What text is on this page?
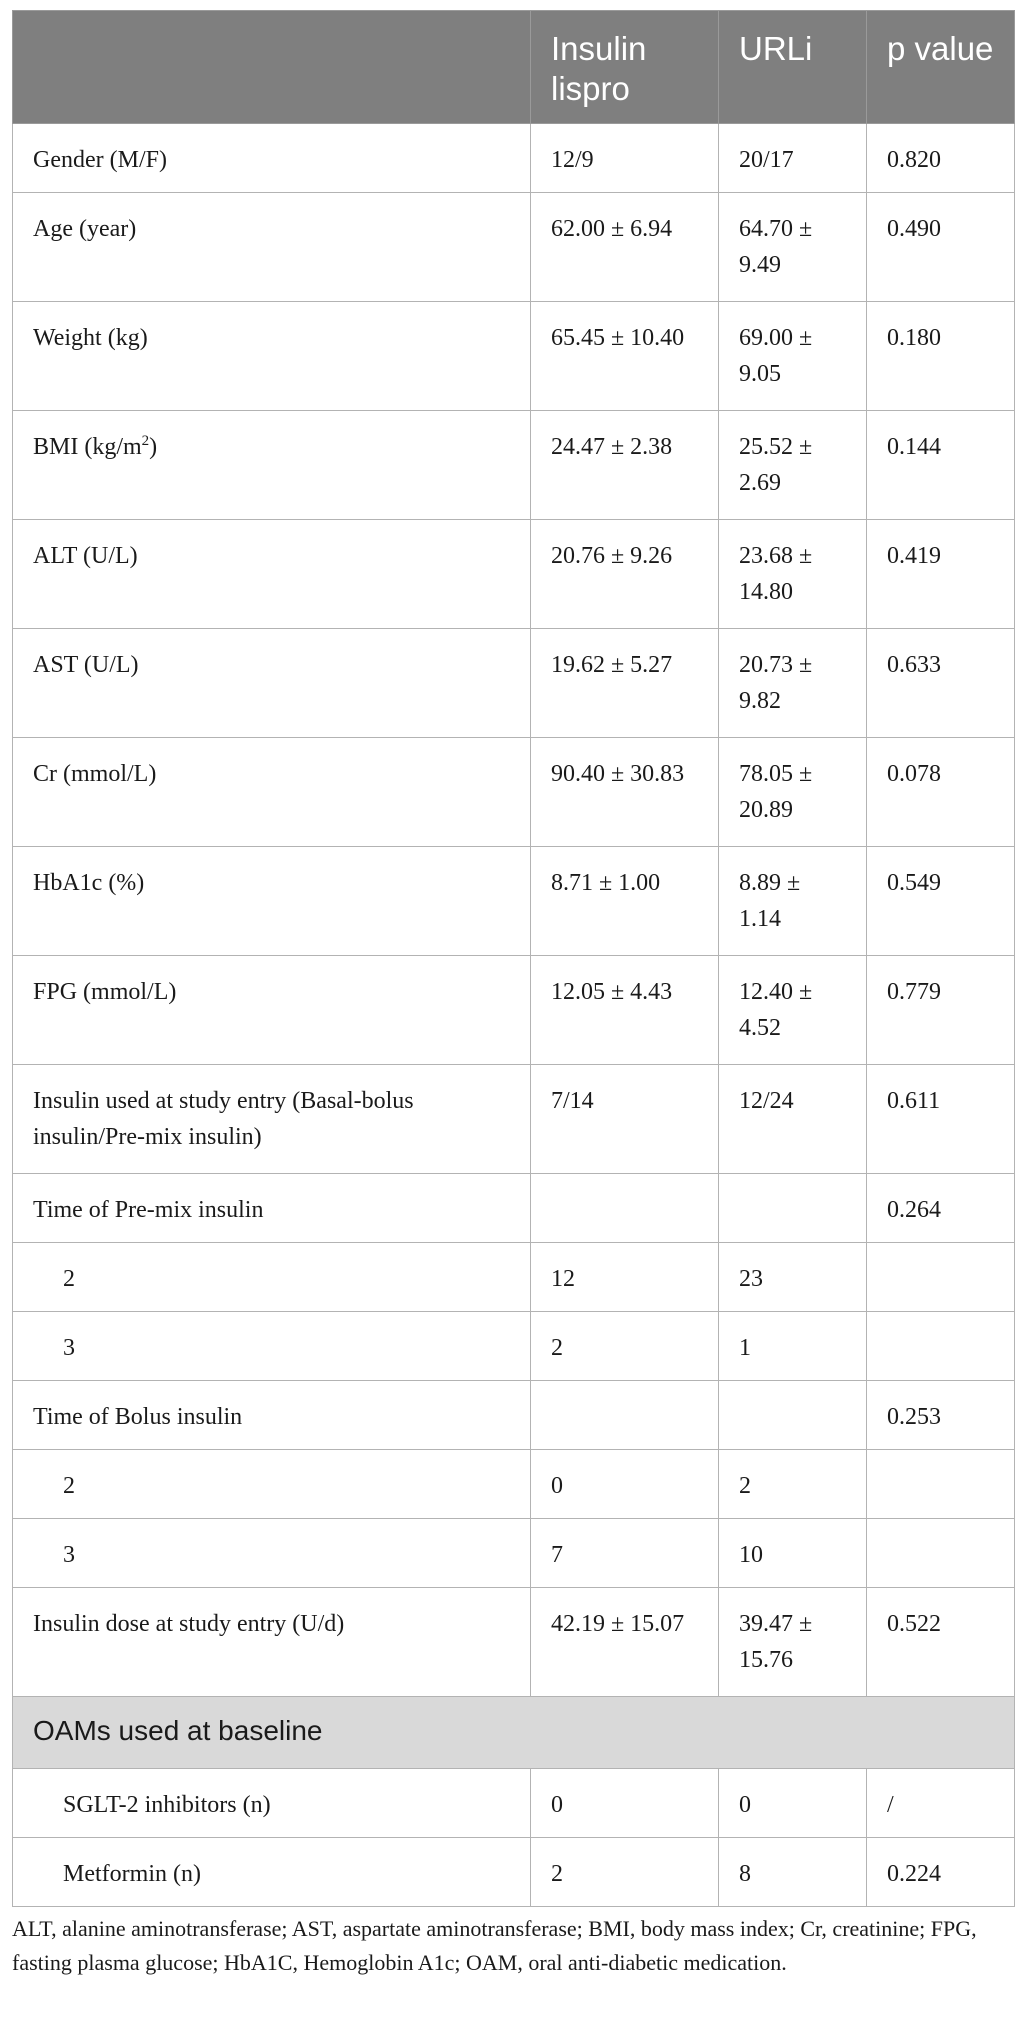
	Insulin lispro	URLi	p value
Gender (M/F)	12/9	20/17	0.820
Age (year)	62.00 ± 6.94	64.70 ± 9.49	0.490
Weight (kg)	65.45 ± 10.40	69.00 ± 9.05	0.180
BMI $(kg/m^2)$	24.47 ± 2.38	25.52 ± 2.69	0.144
ALT (U/L)	20.76 ± 9.26	23.68 ± 14.80	0.419
AST (U/L)	19.62 ± 5.27	20.73 ± 9.82	0.633
Cr (mmol/L)	90.40 ± 30.83	78.05 ± 20.89	0.078
HbA1c (%)	8.71 ± 1.00	8.89 ± 1.14	0.549
FPG (mmol/L)	12.05 ± 4.43	12.40 ± 4.52	0.779
Insulin used at study entry (Basal-bolus insulin/Pre-mix insulin)	7/14	12/24	0.611
Time of Pre-mix insulin			0.264
2	12	23	
3	2	1	
Time of Bolus insulin			0.253
2	0	2	
3	7	10	
Insulin dose at study entry (U/d)	42.19 ± 15.07	39.47 ± 15.76	0.522
OAMs used at baseline			
SGLT-2 inhibitors (n)	0	0	/
Metformin (n)	2	8	0.224
ALT, alanine aminotransferase; AST, aspartate aminotransferase; BMI, body mass index; Cr, creatinine; FPG, fasting plasma glucose; HbA1C, Hemoglobin A1c; OAM, oral anti-diabetic medication.
